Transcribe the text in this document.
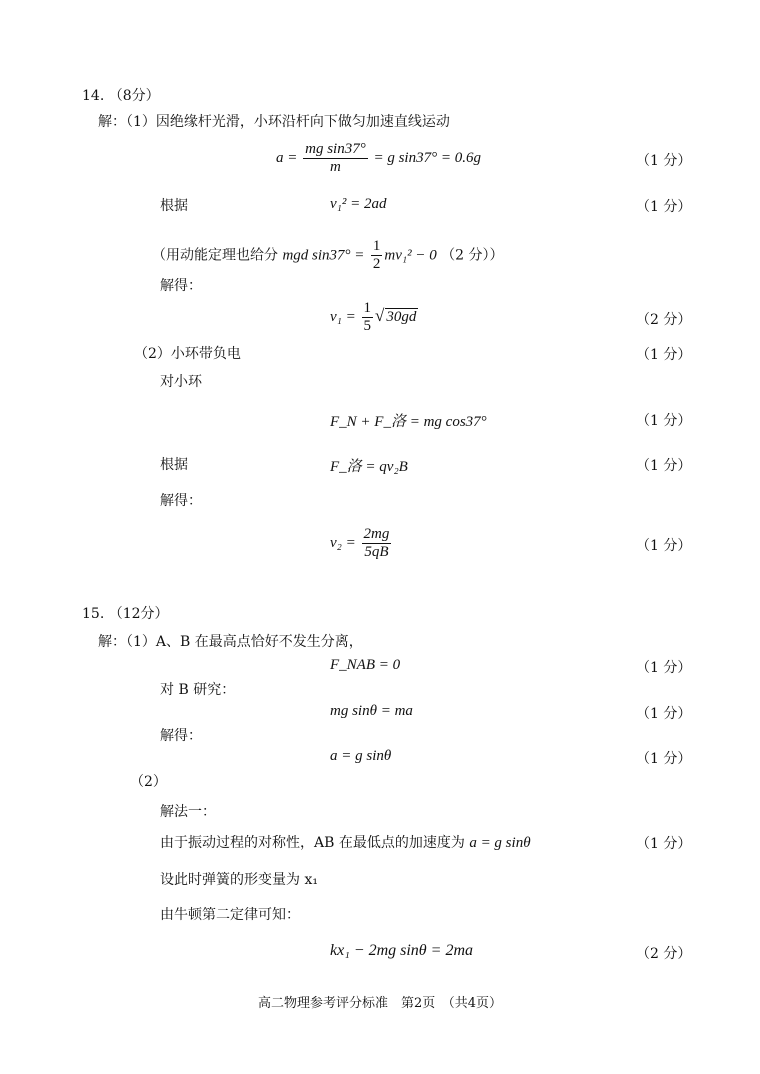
14. （8分）
解：（1）因绝缘杆光滑，小环沿杆向下做匀加速直线运动
$a = \frac{\text{mg sin37°}}{m} = g$ sin37° = 0.6g	（1 分）
根据	v₁² = 2ad	（1 分）
（用动能定理也给分 mgd $\sin 37^\circ = \frac{1}{2} mv_1^2 - 0$ （2 分））
解得：
$v_1 = \frac{1}{5}$ √ 30gd	（2 分）
（2）小环带负电	（1 分）
对小环
F_N + F_洛 = mg cos37°	（1 分）
根据	F_洛 = qv₂B	（1 分）
解得：
$v_2 = \frac{2mg}{5qB}$	（1 分）
15. （12分）
解：（1）A、B 在最高点恰好不发生分离，
F_NAB = 0	（1 分）
对 B 研究：
mg sinθ = ma	（1 分）
解得：
a = g sinθ	（1 分）
（2）
解法一：
由于振动过程的对称性，AB 在最低点的加速度为 a = g sinθ	（1 分）
设此时弹簧的形变量为 x₁
由牛顿第二定律可知：
kx₁ − 2mg sinθ = 2ma	（2 分）
高二物理参考评分标准　第2页　（共4页）
